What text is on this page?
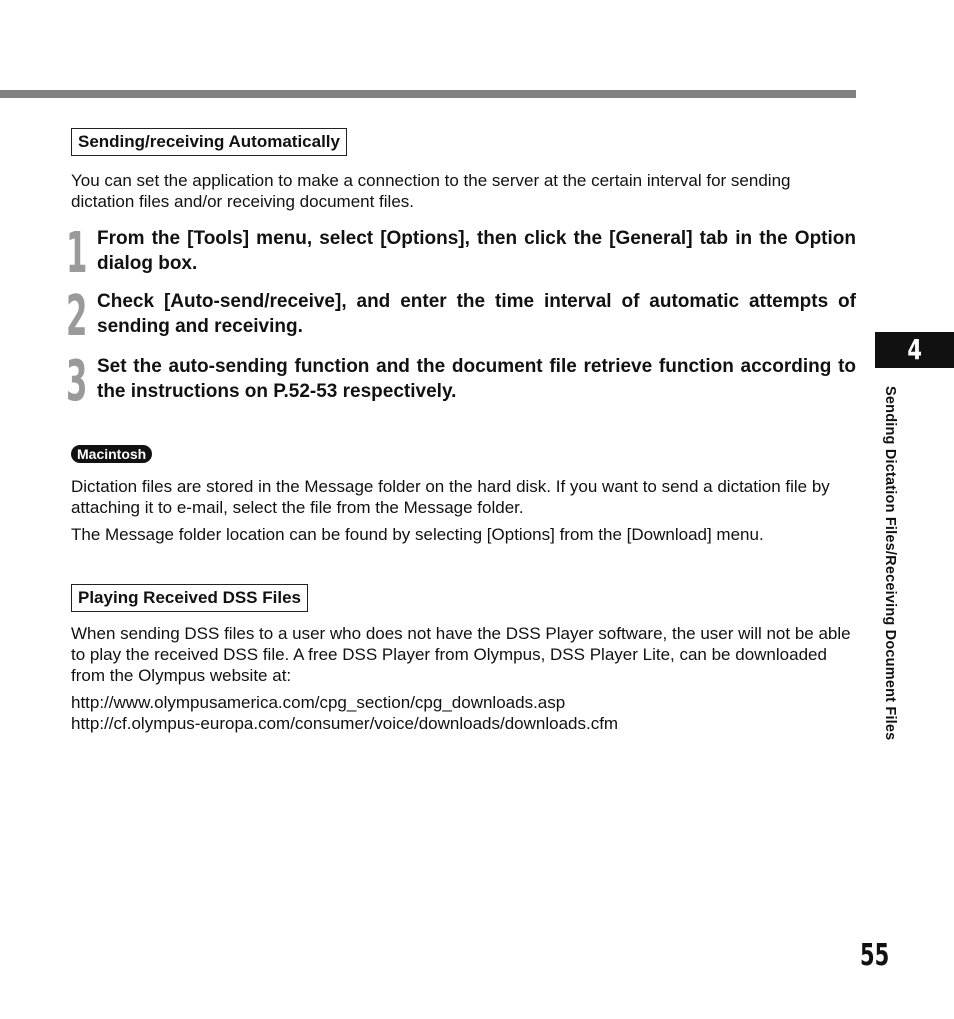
Sending/receiving Automatically

You can set the application to make a connection to the server at the certain interval for sending dictation files and/or receiving document files.

1 From the [Tools] menu, select [Options], then click the [General] tab in the Option dialog box.
2 Check [Auto-send/receive], and enter the time interval of automatic attempts of sending and receiving.
3 Set the auto-sending function and the document file retrieve function according to the instructions on P.52-53 respectively.
Macintosh

Dictation files are stored in the Message folder on the hard disk. If you want to send a dictation file by attaching it to e-mail, select the file from the Message folder.

The Message folder location can be found by selecting [Options] from the [Download] menu.

Playing Received DSS Files

When sending DSS files to a user who does not have the DSS Player software, the user will not be able to play the received DSS file. A free DSS Player from Olympus, DSS Player Lite, can be downloaded from the Olympus website at:

http://www.olympusamerica.com/cpg_section/cpg_downloads.asp
http://cf.olympus-europa.com/consumer/voice/downloads/downloads.cfm
4
Sending Dictation Files/Receiving Document Files
55
